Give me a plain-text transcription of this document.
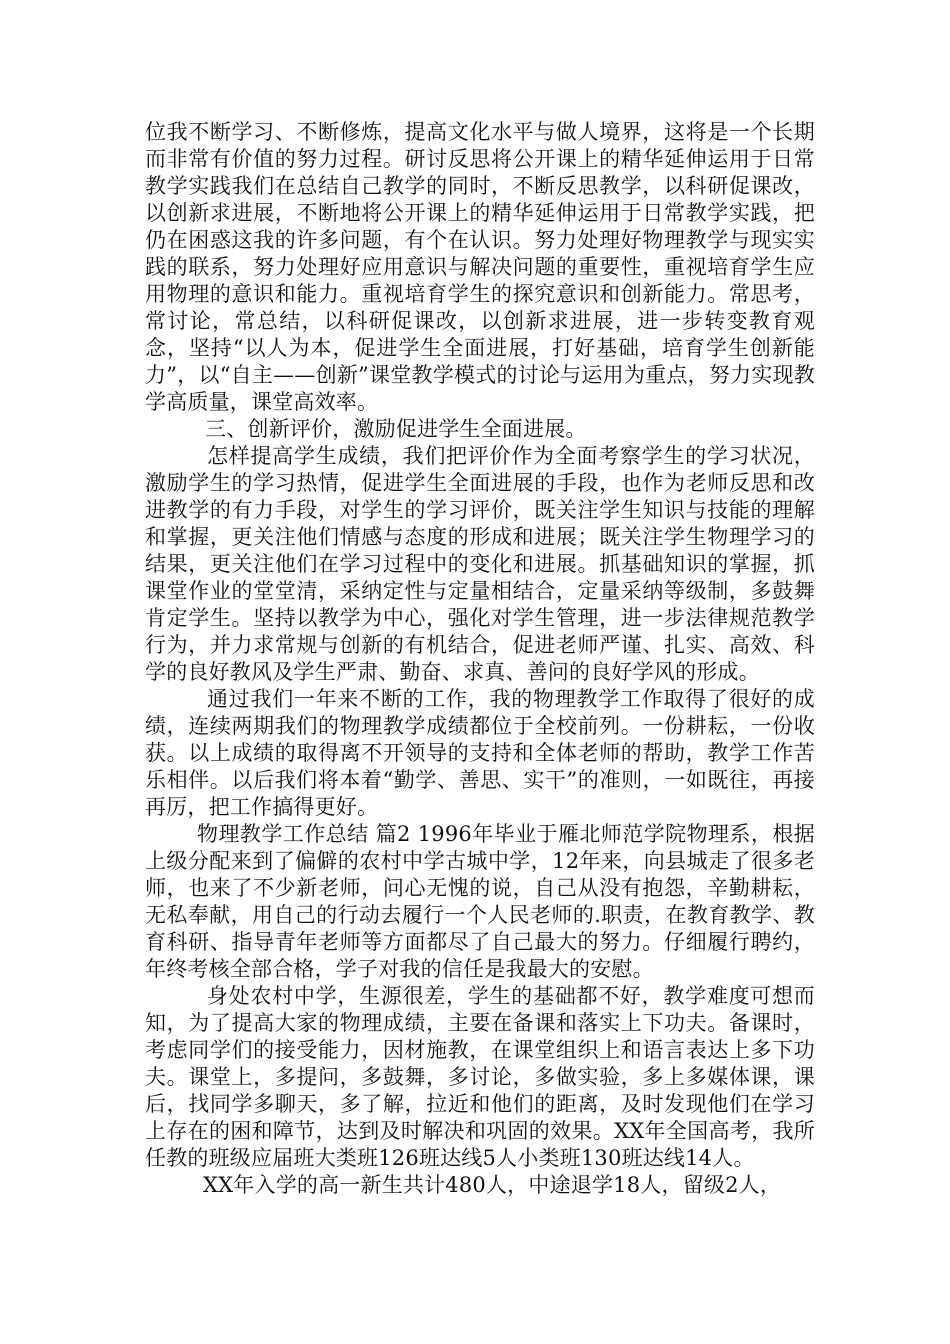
位我不断学习、不断修炼，提高文化水平与做人境界，这将是一个长期而非常有价值的努力过程。研讨反思将公开课上的精华延伸运用于日常教学实践我们在总结自己教学的同时，不断反思教学，以科研促课改，以创新求进展，不断地将公开课上的精华延伸运用于日常教学实践，把仍在困惑这我的许多问题，有个在认识。努力处理好物理教学与现实实践的联系，努力处理好应用意识与解决问题的重要性，重视培育学生应用物理的意识和能力。重视培育学生的探究意识和创新能力。常思考，常讨论，常总结，以科研促课改，以创新求进展，进一步转变教育观念，坚持“以人为本，促进学生全面进展，打好基础，培育学生创新能力”，以“自主——创新”课堂教学模式的讨论与运用为重点，努力实现教学高质量，课堂高效率。

三、创新评价，激励促进学生全面进展。

怎样提高学生成绩，我们把评价作为全面考察学生的学习状况，激励学生的学习热情，促进学生全面进展的手段，也作为老师反思和改进教学的有力手段，对学生的学习评价，既关注学生知识与技能的理解和掌握，更关注他们情感与态度的形成和进展；既关注学生物理学习的结果，更关注他们在学习过程中的变化和进展。抓基础知识的掌握，抓课堂作业的堂堂清，采纳定性与定量相结合，定量采纳等级制，多鼓舞肯定学生。坚持以教学为中心，强化对学生管理，进一步法律规范教学行为，并力求常规与创新的有机结合，促进老师严谨、扎实、高效、科学的良好教风及学生严肃、勤奋、求真、善问的良好学风的形成。

通过我们一年来不断的工作，我的物理教学工作取得了很好的成绩，连续两期我们的物理教学成绩都位于全校前列。一份耕耘，一份收获。以上成绩的取得离不开领导的支持和全体老师的帮助，教学工作苦乐相伴。以后我们将本着“勤学、善思、实干”的准则，一如既往，再接再厉，把工作搞得更好。

物理教学工作总结 篇2 1996年毕业于雁北师范学院物理系，根据上级分配来到了偏僻的农村中学古城中学，12年来，向县城走了很多老师，也来了不少新老师，问心无愧的说，自己从没有抱怨，辛勤耕耘，无私奉献，用自己的行动去履行一个人民老师的.职责，在教育教学、教育科研、指导青年老师等方面都尽了自己最大的努力。仔细履行聘约，年终考核全部合格，学子对我的信任是我最大的安慰。

身处农村中学，生源很差，学生的基础都不好，教学难度可想而知，为了提高大家的物理成绩，主要在备课和落实上下功夫。备课时，考虑同学们的接受能力，因材施教，在课堂组织上和语言表达上多下功夫。课堂上，多提问，多鼓舞，多讨论，多做实验，多上多媒体课，课后，找同学多聊天，多了解，拉近和他们的距离，及时发现他们在学习上存在的困和障节，达到及时解决和巩固的效果。XX年全国高考，我所任教的班级应届班大类班126班达线5人小类班130班达线14人。

XX年入学的高一新生共计480人，中途退学18人，留级2人，
